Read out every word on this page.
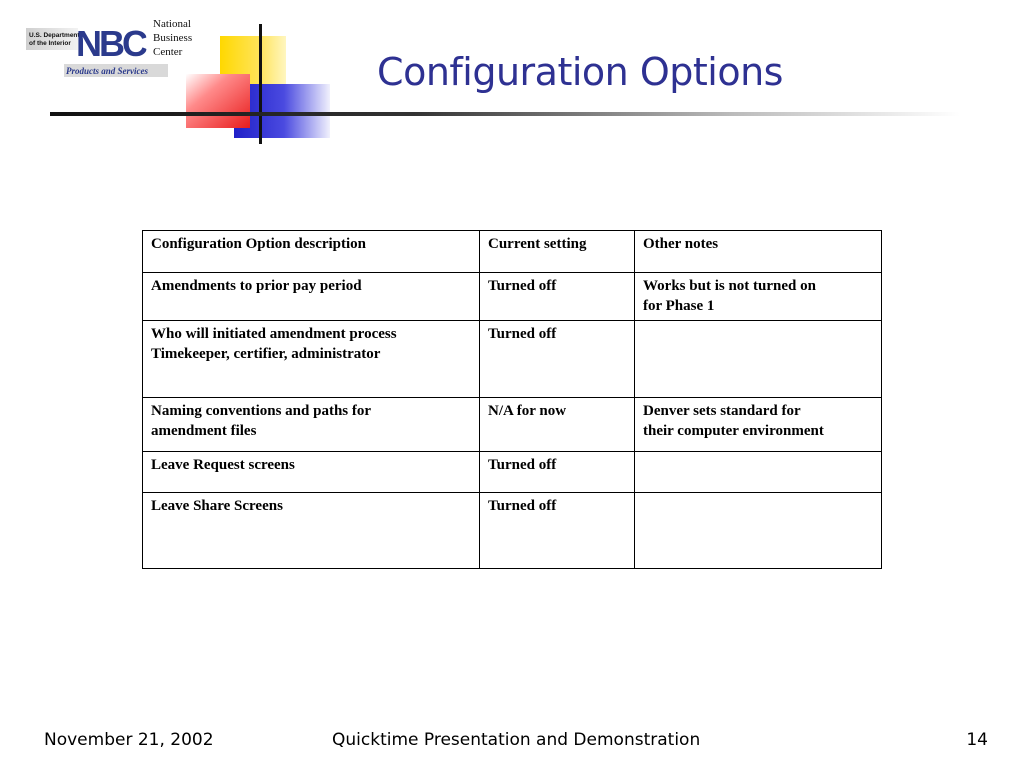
U.S. Department
of the Interior NBC National
Business
Center
Products and Services	Configuration Options
Configuration Option description	Current setting	Other notes

Amendments to prior pay period	Turned off	Works but is not turned on
for Phase 1

Who will initiated amendment process
Timekeeper, certifier, administrator	Turned off	

Naming conventions and paths for
amendment files	N/A for now	Denver sets standard for
their computer environment

Leave Request screens	Turned off	

Leave Share Screens	Turned off	
November 21, 2002	Quicktime Presentation and Demonstration	14
